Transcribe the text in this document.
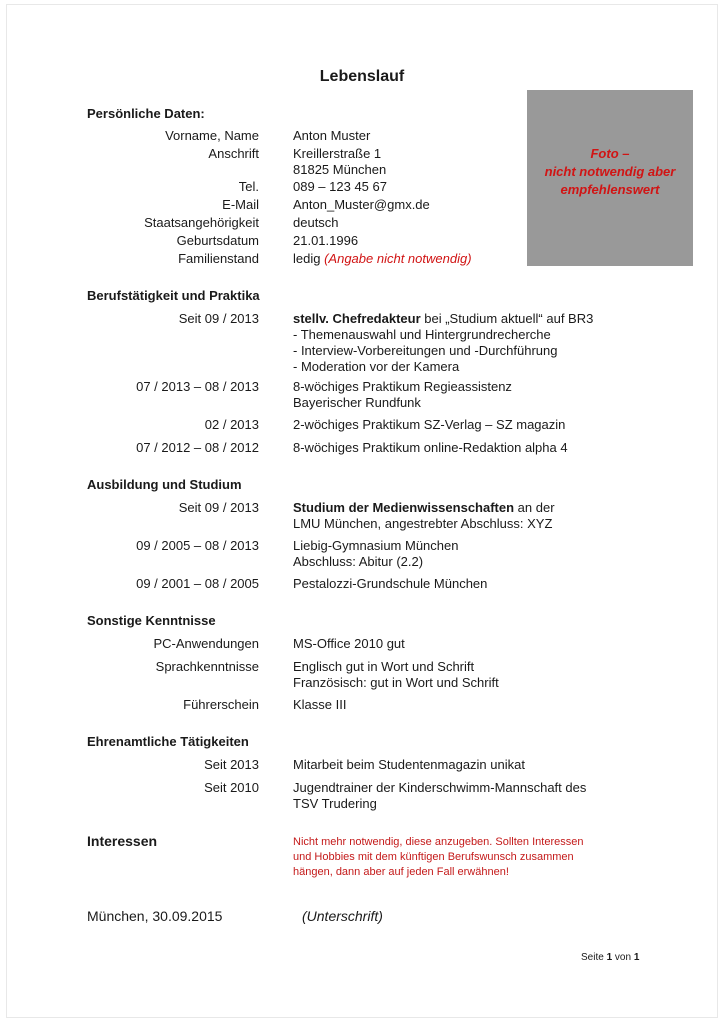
Lebenslauf
Foto –
nicht notwendig aber
empfehlenswert
Persönliche Daten:
Vorname, Name	Anton Muster
Anschrift	Kreillerstraße 1
81825 München
Tel.	089 – 123 45 67
E-Mail	Anton_Muster@gmx.de
Staatsangehörigkeit	deutsch
Geburtsdatum	21.01.1996
Familienstand	ledig (Angabe nicht notwendig)
Berufstätigkeit und Praktika
Seit 09 / 2013	stellv. Chefredakteur bei „Studium aktuell“ auf BR3
- Themenauswahl und Hintergrundrecherche
- Interview-Vorbereitungen und -Durchführung
- Moderation vor der Kamera
07 / 2013 – 08 / 2013	8-wöchiges Praktikum Regieassistenz
Bayerischer Rundfunk
02 / 2013	2-wöchiges Praktikum SZ-Verlag – SZ magazin
07 / 2012 – 08 / 2012	8-wöchiges Praktikum online-Redaktion alpha 4
Ausbildung und Studium
Seit 09 / 2013	Studium der Medienwissenschaften an der
LMU München, angestrebter Abschluss: XYZ
09 / 2005 – 08 / 2013	Liebig-Gymnasium München
Abschluss: Abitur (2.2)
09 / 2001 – 08 / 2005	Pestalozzi-Grundschule München
Sonstige Kenntnisse
PC-Anwendungen	MS-Office 2010 gut
Sprachkenntnisse	Englisch gut in Wort und Schrift
Französisch: gut in Wort und Schrift
Führerschein	Klasse III
Ehrenamtliche Tätigkeiten
Seit 2013	Mitarbeit beim Studentenmagazin unikat
Seit 2010	Jugendtrainer der Kinderschwimm-Mannschaft des
TSV Trudering
Interessen	Nicht mehr notwendig, diese anzugeben. Sollten Interessen
und Hobbies mit dem künftigen Berufswunsch zusammen
hängen, dann aber auf jeden Fall erwähnen!
München, 30.09.2015	(Unterschrift)
Seite 1 von 1
